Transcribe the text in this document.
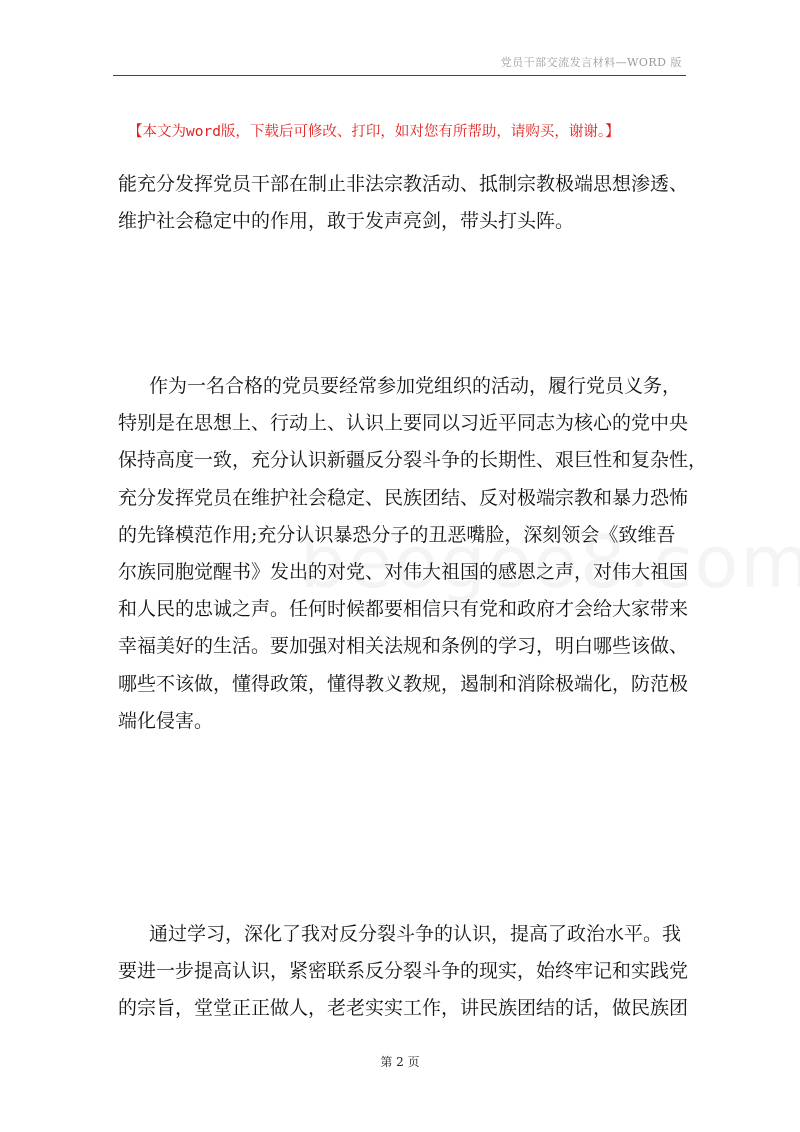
党员干部交流发言材料—WORD 版
【本文为word版，下载后可修改、打印，如对您有所帮助，请购买，谢谢。】
能充分发挥党员干部在制止非法宗教活动、抵制宗教极端思想渗透、
维护社会稳定中的作用，敢于发声亮剑，带头打头阵。
作为一名合格的党员要经常参加党组织的活动，履行党员义务，
特别是在思想上、行动上、认识上要同以习近平同志为核心的党中央
保持高度一致，充分认识新疆反分裂斗争的长期性、艰巨性和复杂性，
充分发挥党员在维护社会稳定、民族团结、反对极端宗教和暴力恐怖
的先锋模范作用;充分认识暴恐分子的丑恶嘴脸，深刻领会《致维吾
尔族同胞觉醒书》发出的对党、对伟大祖国的感恩之声，对伟大祖国
和人民的忠诚之声。任何时候都要相信只有党和政府才会给大家带来
幸福美好的生活。要加强对相关法规和条例的学习，明白哪些该做、
哪些不该做，懂得政策，懂得教义教规，遏制和消除极端化，防范极
端化侵害。
通过学习，深化了我对反分裂斗争的认识，提高了政治水平。我
要进一步提高认识，紧密联系反分裂斗争的现实，始终牢记和实践党
的宗旨，堂堂正正做人，老老实实工作，讲民族团结的话，做民族团
第 2 页
